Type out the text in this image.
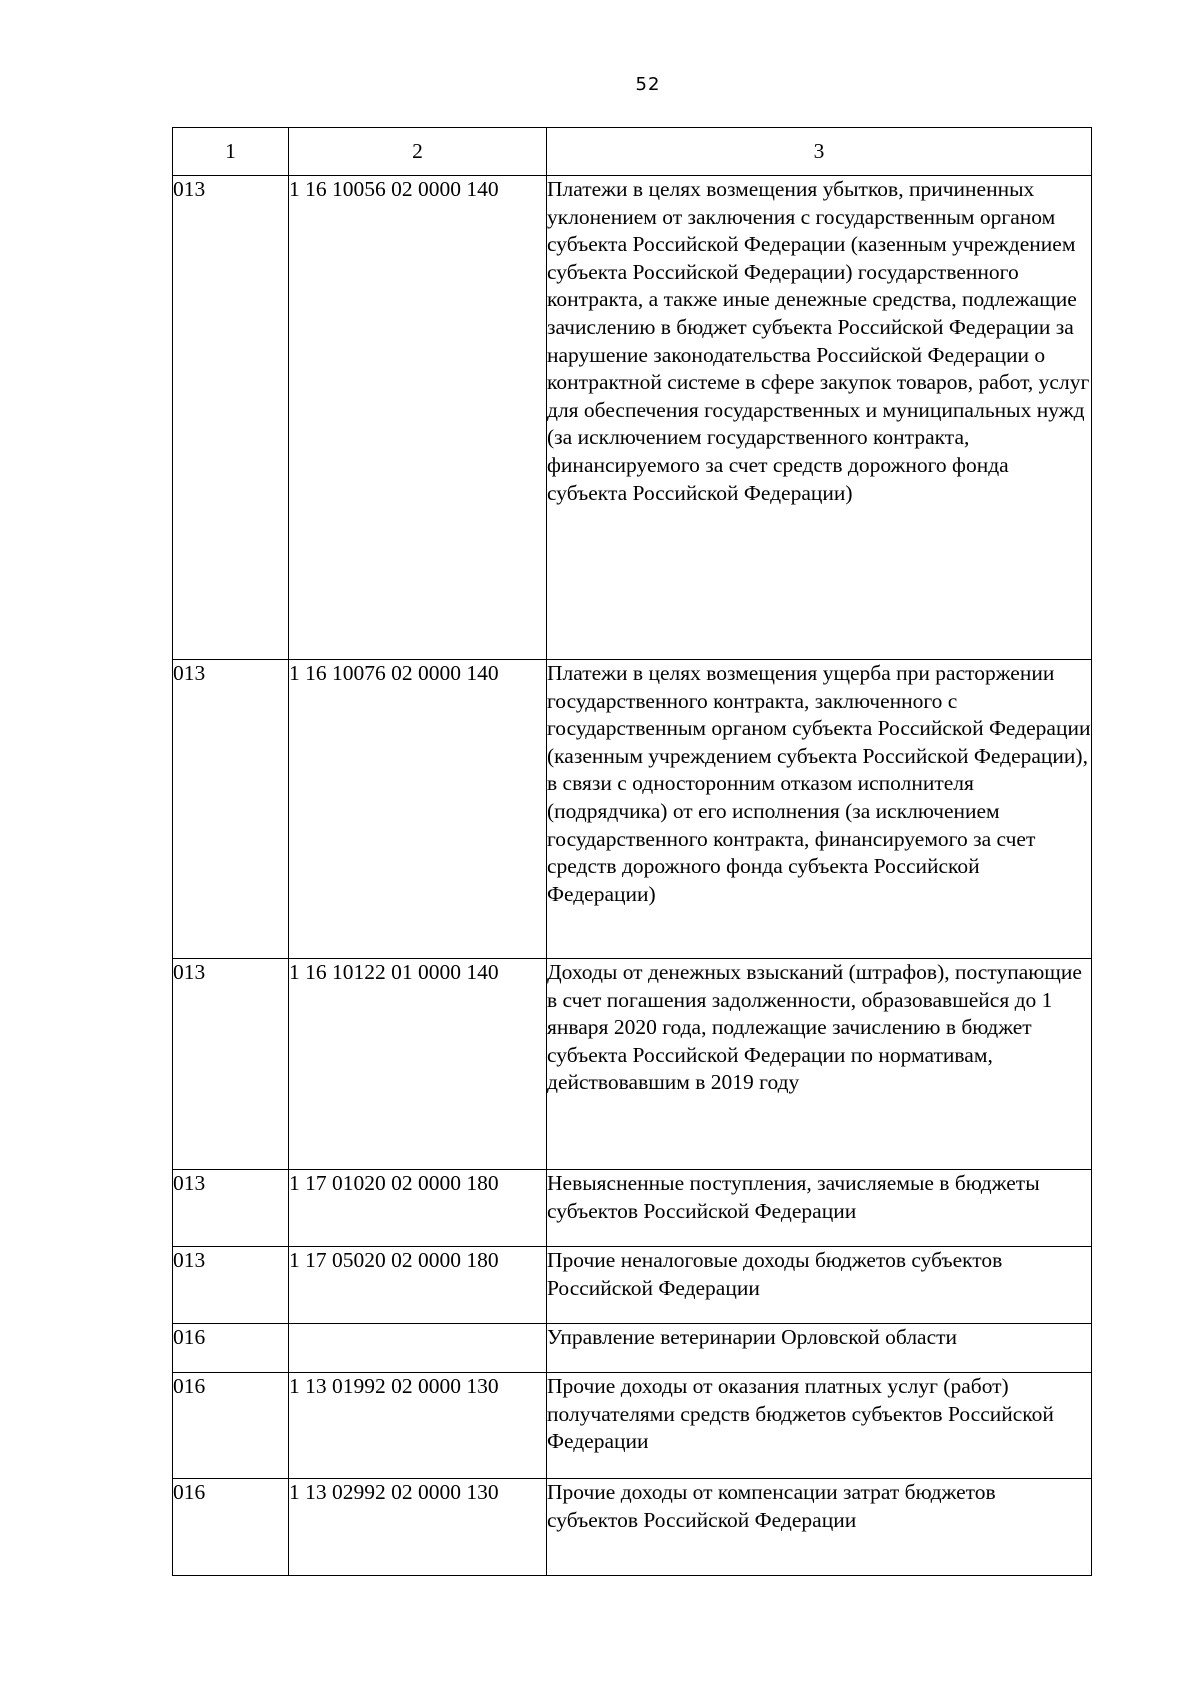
52
1	2	3
013	1 16 10056 02 0000 140	Платежи в целях возмещения убытков, причиненных уклонением от заключения с государственным органом субъекта Российской Федерации (казенным учреждением субъекта Российской Федерации) государственного контракта, а также иные денежные средства, подлежащие зачислению в бюджет субъекта Российской Федерации за нарушение законодательства Российской Федерации о контрактной системе в сфере закупок товаров, работ, услуг для обеспечения государственных и муниципальных нужд (за исключением государственного контракта, финансируемого за счет средств дорожного фонда субъекта Российской Федерации)
013	1 16 10076 02 0000 140	Платежи в целях возмещения ущерба при расторжении государственного контракта, заключенного с государственным органом субъекта Российской Федерации (казенным учреждением субъекта Российской Федерации), в связи с односторонним отказом исполнителя (подрядчика) от его исполнения (за исключением государственного контракта, финансируемого за счет средств дорожного фонда субъекта Российской Федерации)
013	1 16 10122 01 0000 140	Доходы от денежных взысканий (штрафов), поступающие в счет погашения задолженности, образовавшейся до 1 января 2020 года, подлежащие зачислению в бюджет субъекта Российской Федерации по нормативам, действовавшим в 2019 году
013	1 17 01020 02 0000 180	Невыясненные поступления, зачисляемые в бюджеты субъектов Российской Федерации
013	1 17 05020 02 0000 180	Прочие неналоговые доходы бюджетов субъектов Российской Федерации
016		Управление ветеринарии Орловской области
016	1 13 01992 02 0000 130	Прочие доходы от оказания платных услуг (работ) получателями средств бюджетов субъектов Российской Федерации
016	1 13 02992 02 0000 130	Прочие доходы от компенсации затрат бюджетов субъектов Российской Федерации
